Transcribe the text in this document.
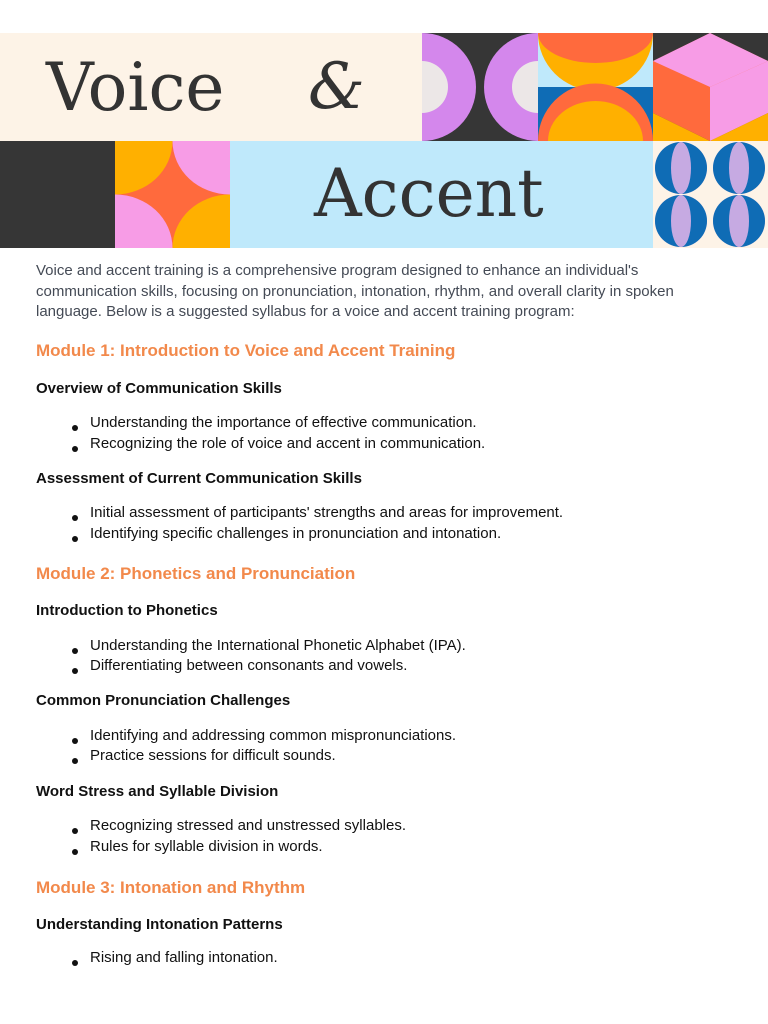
Voice &
Accent

Voice and accent training is a comprehensive program designed to enhance an individual's communication skills, focusing on pronunciation, intonation, rhythm, and overall clarity in spoken language. Below is a suggested syllabus for a voice and accent training program:

Module 1: Introduction to Voice and Accent Training
Overview of Communication Skills
Understanding the importance of effective communication.
Recognizing the role of voice and accent in communication.
Assessment of Current Communication Skills
Initial assessment of participants' strengths and areas for improvement.
Identifying specific challenges in pronunciation and intonation.
Module 2: Phonetics and Pronunciation
Introduction to Phonetics
Understanding the International Phonetic Alphabet (IPA).
Differentiating between consonants and vowels.
Common Pronunciation Challenges
Identifying and addressing common mispronunciations.
Practice sessions for difficult sounds.
Word Stress and Syllable Division
Recognizing stressed and unstressed syllables.
Rules for syllable division in words.
Module 3: Intonation and Rhythm
Understanding Intonation Patterns
Rising and falling intonation.
